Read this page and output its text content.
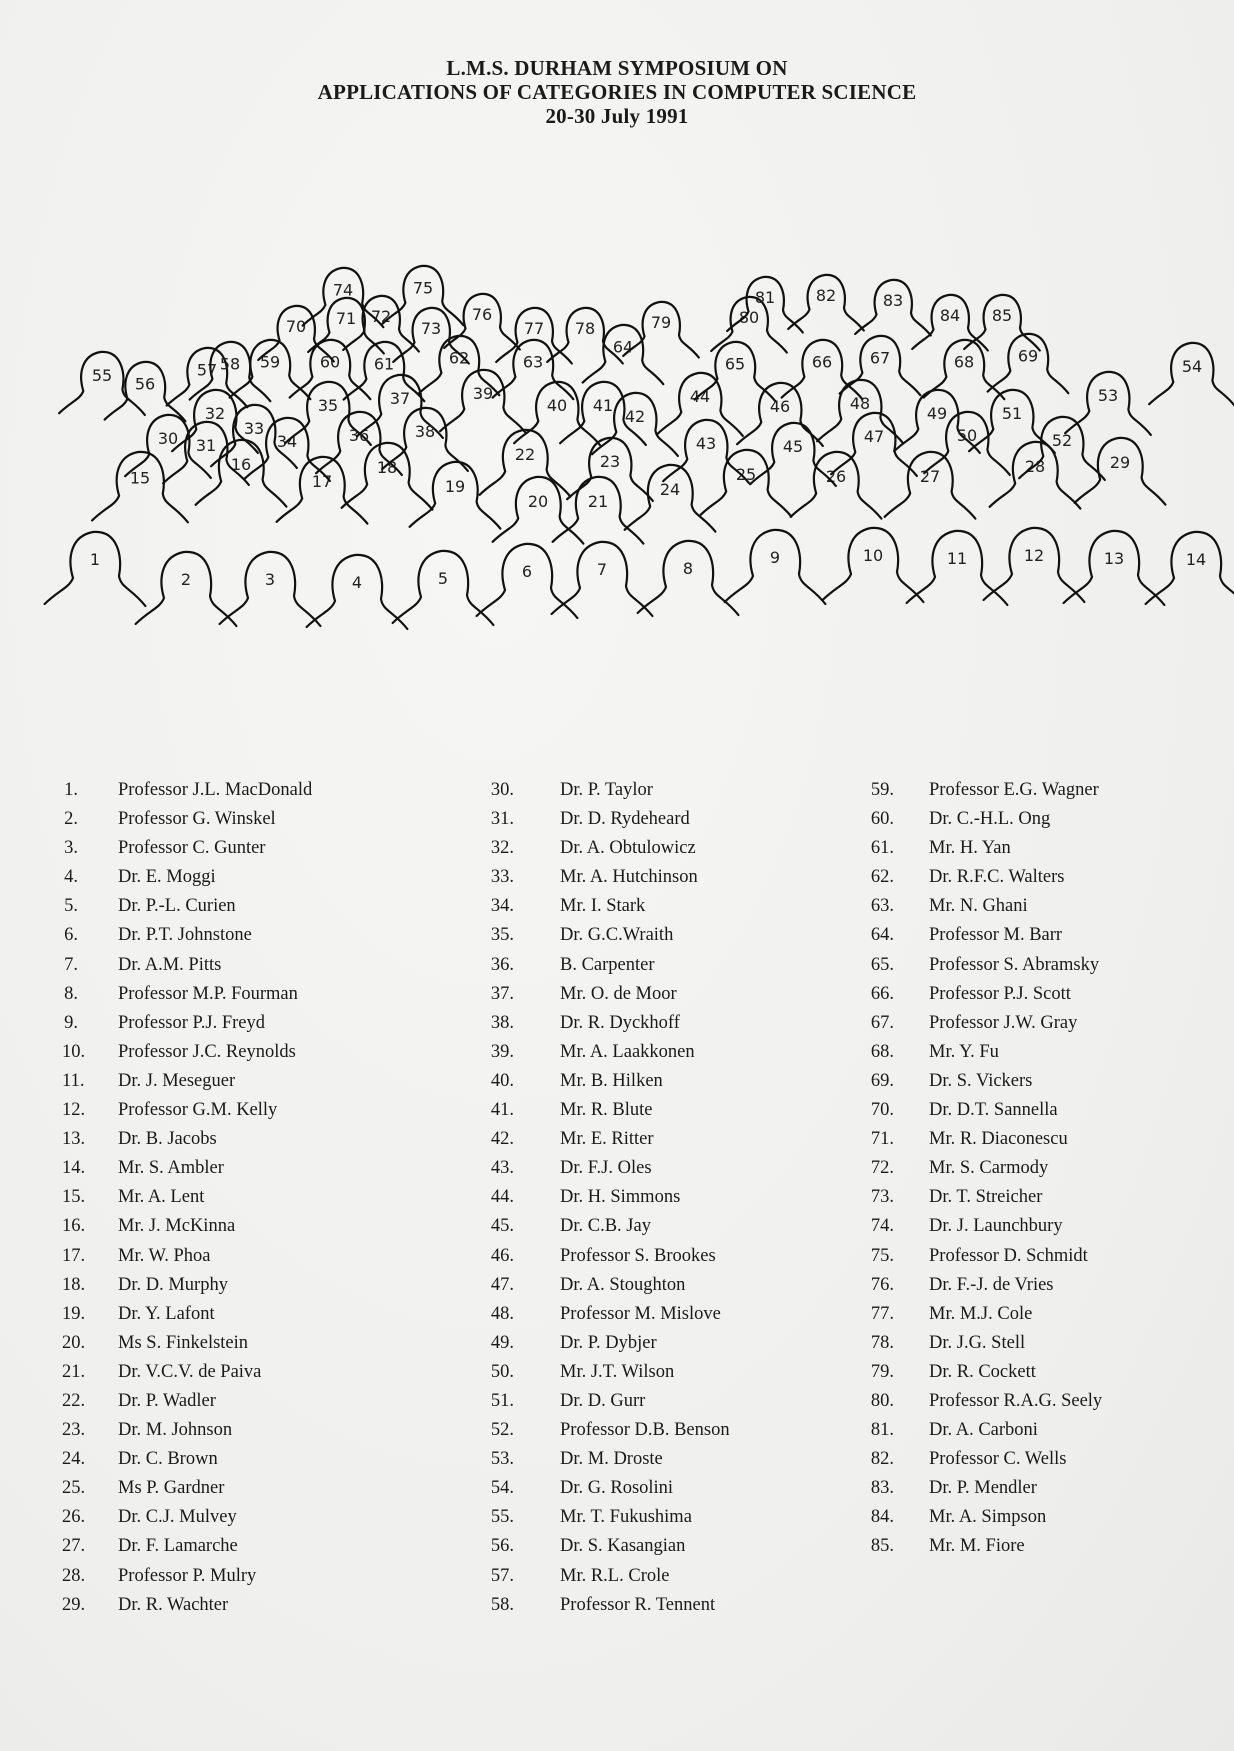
L.M.S. DURHAM SYMPOSIUM ON

APPLICATIONS OF CATEGORIES IN COMPUTER SCIENCE

20-30 July 1991

1
2	3	4	5	6	7	8
9	10	11	12	13	14
15
16
17
18
19
20 21
22	23
24
25	26	27
28	29
30 31
32
33
34
35
36
37
38
39
40 41
42
43
44
45
46
47
48
49
50
51
52
53
54
55 56
57 58 59 60 61	62	63
64
65	66 67	68	69
70 71 72
73
74	75
76
77 78	79	80
81	82	83
84 85
1. Professor J.L. MacDonald
2. Professor G. Winskel
3. Professor C. Gunter
4. Dr. E. Moggi
5. Dr. P.-L. Curien
6. Dr. P.T. Johnstone
7. Dr. A.M. Pitts
8. Professor M.P. Fourman
9. Professor P.J. Freyd
10. Professor J.C. Reynolds
11. Dr. J. Meseguer
12. Professor G.M. Kelly
13. Dr. B. Jacobs
14. Mr. S. Ambler
15. Mr. A. Lent
16. Mr. J. McKinna
17. Mr. W. Phoa
18. Dr. D. Murphy
19. Dr. Y. Lafont
20. Ms S. Finkelstein
21. Dr. V.C.V. de Paiva
22. Dr. P. Wadler
23. Dr. M. Johnson
24. Dr. C. Brown
25. Ms P. Gardner
26. Dr. C.J. Mulvey
27. Dr. F. Lamarche
28. Professor P. Mulry
29. Dr. R. Wachter
30. Dr. P. Taylor
31. Dr. D. Rydeheard
32. Dr. A. Obtulowicz
33. Mr. A. Hutchinson
34. Mr. I. Stark
35. Dr. G.C.Wraith
36. B. Carpenter
37. Mr. O. de Moor
38. Dr. R. Dyckhoff
39. Mr. A. Laakkonen
40. Mr. B. Hilken
41. Mr. R. Blute
42. Mr. E. Ritter
43. Dr. F.J. Oles
44. Dr. H. Simmons
45. Dr. C.B. Jay
46. Professor S. Brookes
47. Dr. A. Stoughton
48. Professor M. Mislove
49. Dr. P. Dybjer
50. Mr. J.T. Wilson
51. Dr. D. Gurr
52. Professor D.B. Benson
53. Dr. M. Droste
54. Dr. G. Rosolini
55. Mr. T. Fukushima
56. Dr. S. Kasangian
57. Mr. R.L. Crole
58. Professor R. Tennent
59. Professor E.G. Wagner
60. Dr. C.-H.L. Ong
61. Mr. H. Yan
62. Dr. R.F.C. Walters
63. Mr. N. Ghani
64. Professor M. Barr
65. Professor S. Abramsky
66. Professor P.J. Scott
67. Professor J.W. Gray
68. Mr. Y. Fu
69. Dr. S. Vickers
70. Dr. D.T. Sannella
71. Mr. R. Diaconescu
72. Mr. S. Carmody
73. Dr. T. Streicher
74. Dr. J. Launchbury
75. Professor D. Schmidt
76. Dr. F.-J. de Vries
77. Mr. M.J. Cole
78. Dr. J.G. Stell
79. Dr. R. Cockett
80. Professor R.A.G. Seely
81. Dr. A. Carboni
82. Professor C. Wells
83. Dr. P. Mendler
84. Mr. A. Simpson
85. Mr. M. Fiore
